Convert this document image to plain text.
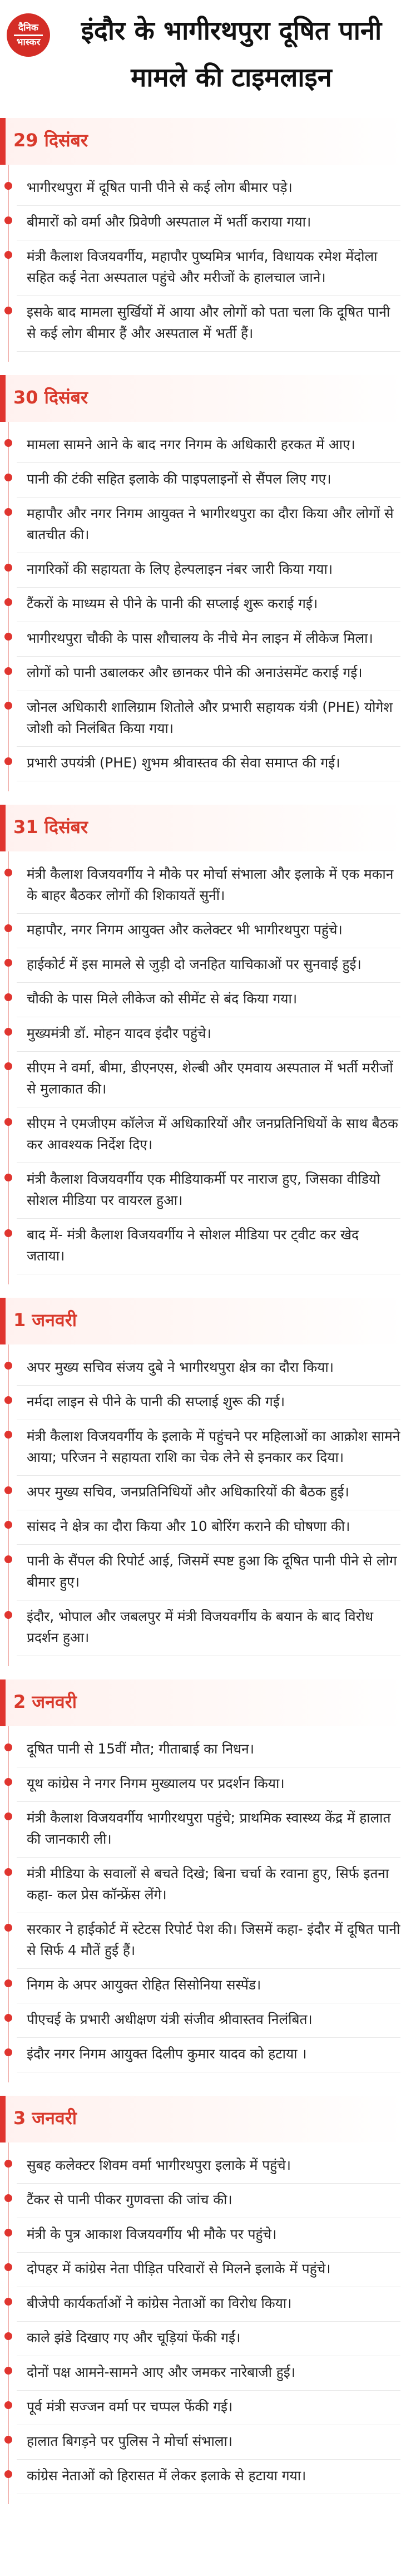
दैनिक
भास्कर	इंदौर के भागीरथपुरा दूषित पानी मामले की टाइमलाइन
29 दिसंबर
भागीरथपुरा में दूषित पानी पीने से कई लोग बीमार पड़े।
बीमारों को वर्मा और प्रिवेणी अस्पताल में भर्ती कराया गया।
मंत्री कैलाश विजयवर्गीय, महापौर पुष्यमित्र भार्गव, विधायक रमेश मेंदोला सहित कई नेता अस्पताल पहुंचे और मरीजों के हालचाल जाने।
इसके बाद मामला सुर्खियों में आया और लोगों को पता चला कि दूषित पानी से कई लोग बीमार हैं और अस्पताल में भर्ती हैं।
30 दिसंबर
मामला सामने आने के बाद नगर निगम के अधिकारी हरकत में आए।
पानी की टंकी सहित इलाके की पाइपलाइनों से सैंपल लिए गए।
महापौर और नगर निगम आयुक्त ने भागीरथपुरा का दौरा किया और लोगों से बातचीत की।
नागरिकों की सहायता के लिए हेल्पलाइन नंबर जारी किया गया।
टैंकरों के माध्यम से पीने के पानी की सप्लाई शुरू कराई गई।
भागीरथपुरा चौकी के पास शौचालय के नीचे मेन लाइन में लीकेज मिला।
लोगों को पानी उबालकर और छानकर पीने की अनाउंसमेंट कराई गई।
जोनल अधिकारी शालिग्राम शितोले और प्रभारी सहायक यंत्री (PHE) योगेश जोशी को निलंबित किया गया।
प्रभारी उपयंत्री (PHE) शुभम श्रीवास्तव की सेवा समाप्त की गई।
31 दिसंबर
मंत्री कैलाश विजयवर्गीय ने मौके पर मोर्चा संभाला और इलाके में एक मकान के बाहर बैठकर लोगों की शिकायतें सुनीं।
महापौर, नगर निगम आयुक्त और कलेक्टर भी भागीरथपुरा पहुंचे।
हाईकोर्ट में इस मामले से जुड़ी दो जनहित याचिकाओं पर सुनवाई हुई।
चौकी के पास मिले लीकेज को सीमेंट से बंद किया गया।
मुख्यमंत्री डॉ. मोहन यादव इंदौर पहुंचे।
सीएम ने वर्मा, बीमा, डीएनएस, शेल्बी और एमवाय अस्पताल में भर्ती मरीजों से मुलाकात की।
सीएम ने एमजीएम कॉलेज में अधिकारियों और जनप्रतिनिधियों के साथ बैठक कर आवश्यक निर्देश दिए।
मंत्री कैलाश विजयवर्गीय एक मीडियाकर्मी पर नाराज हुए, जिसका वीडियो सोशल मीडिया पर वायरल हुआ।
बाद में- मंत्री कैलाश विजयवर्गीय ने सोशल मीडिया पर ट्वीट कर खेद जताया।
1 जनवरी
अपर मुख्य सचिव संजय दुबे ने भागीरथपुरा क्षेत्र का दौरा किया।
नर्मदा लाइन से पीने के पानी की सप्लाई शुरू की गई।
मंत्री कैलाश विजयवर्गीय के इलाके में पहुंचने पर महिलाओं का आक्रोश सामने आया; परिजन ने सहायता राशि का चेक लेने से इनकार कर दिया।
अपर मुख्य सचिव, जनप्रतिनिधियों और अधिकारियों की बैठक हुई।
सांसद ने क्षेत्र का दौरा किया और 10 बोरिंग कराने की घोषणा की।
पानी के सैंपल की रिपोर्ट आई, जिसमें स्पष्ट हुआ कि दूषित पानी पीने से लोग बीमार हुए।
इंदौर, भोपाल और जबलपुर में मंत्री विजयवर्गीय के बयान के बाद विरोध प्रदर्शन हुआ।
2 जनवरी
दूषित पानी से 15वीं मौत; गीताबाई का निधन।
यूथ कांग्रेस ने नगर निगम मुख्यालय पर प्रदर्शन किया।
मंत्री कैलाश विजयवर्गीय भागीरथपुरा पहुंचे; प्राथमिक स्वास्थ्य केंद्र में हालात की जानकारी ली।
मंत्री मीडिया के सवालों से बचते दिखे; बिना चर्चा के रवाना हुए, सिर्फ इतना कहा- कल प्रेस कॉन्फ्रेंस लेंगे।
सरकार ने हाईकोर्ट में स्टेटस रिपोर्ट पेश की। जिसमें कहा- इंदौर में दूषित पानी से सिर्फ 4 मौतें हुई हैं।
निगम के अपर आयुक्त रोहित सिसोनिया सस्पेंड।
पीएचई के प्रभारी अधीक्षण यंत्री संजीव श्रीवास्तव निलंबित।
इंदौर नगर निगम आयुक्त दिलीप कुमार यादव को हटाया ।
3 जनवरी
सुबह कलेक्टर शिवम वर्मा भागीरथपुरा इलाके में पहुंचे।
टैंकर से पानी पीकर गुणवत्ता की जांच की।
मंत्री के पुत्र आकाश विजयवर्गीय भी मौके पर पहुंचे।
दोपहर में कांग्रेस नेता पीड़ित परिवारों से मिलने इलाके में पहुंचे।
बीजेपी कार्यकर्ताओं ने कांग्रेस नेताओं का विरोध किया।
काले झंडे दिखाए गए और चूड़ियां फेंकी गईं।
दोनों पक्ष आमने-सामने आए और जमकर नारेबाजी हुई।
पूर्व मंत्री सज्जन वर्मा पर चप्पल फेंकी गई।
हालात बिगड़ने पर पुलिस ने मोर्चा संभाला।
कांग्रेस नेताओं को हिरासत में लेकर इलाके से हटाया गया।
